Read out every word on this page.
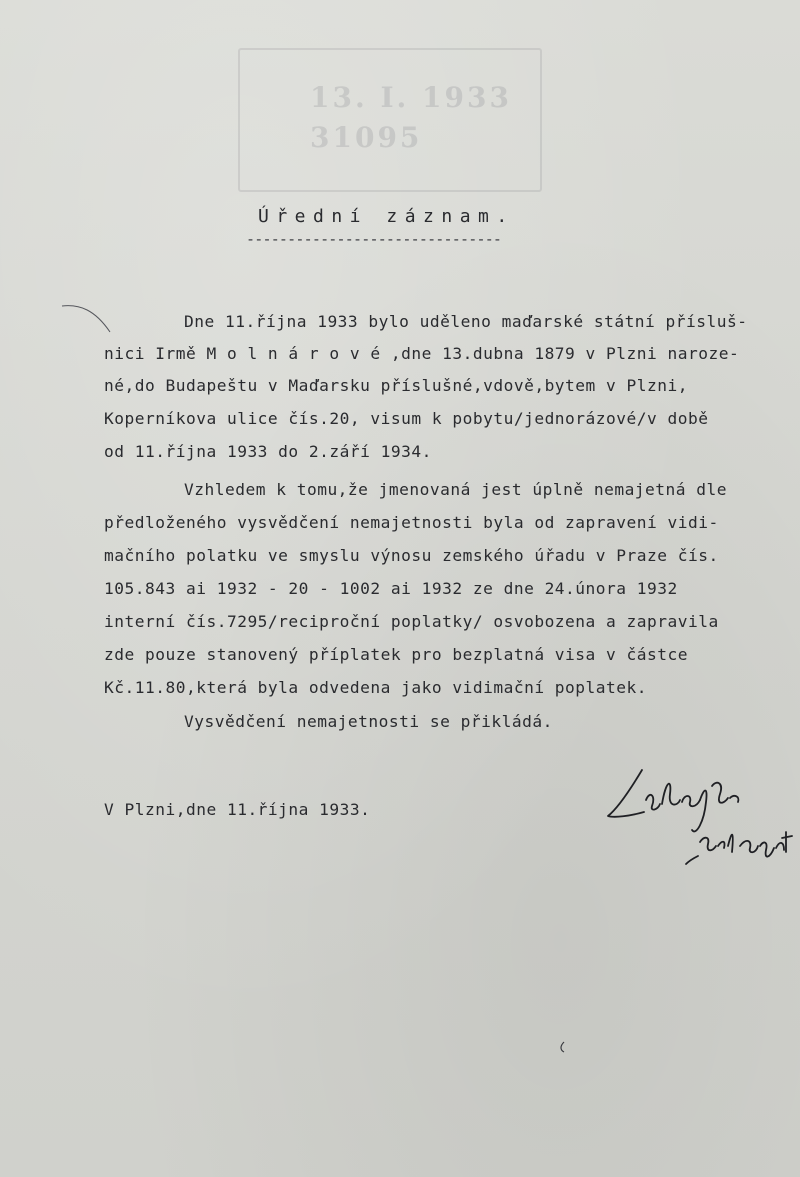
13. I. 1933
31095
Úřední záznam.
-------------------------------
Dne 11.října 1933 bylo uděleno maďarské státní přísluš-
nici Irmě M o l n á r o v é ,dne 13.dubna 1879 v Plzni naroze-
né,do Budapeštu v Maďarsku příslušné,vdově,bytem v Plzni,
Koperníkova ulice čís.20, visum k pobytu/jednorázové/v době
od 11.října 1933 do 2.září 1934.
Vzhledem k tomu,že jmenovaná jest úplně nemajetná dle
předloženého vysvědčení nemajetnosti byla od zapravení vidi-
mačního polatku ve smyslu výnosu zemského úřadu v Praze čís.
105.843 ai 1932 - 20 - 1002 ai 1932 ze dne 24.února 1932
interní čís.7295/reciproční poplatky/ osvobozena a zapravila
zde pouze stanovený příplatek pro bezplatná visa v částce
Kč.11.80,která byla odvedena jako vidimační poplatek.
Vysvědčení nemajetnosti se přikládá.
V Plzni,dne 11.října 1933.
